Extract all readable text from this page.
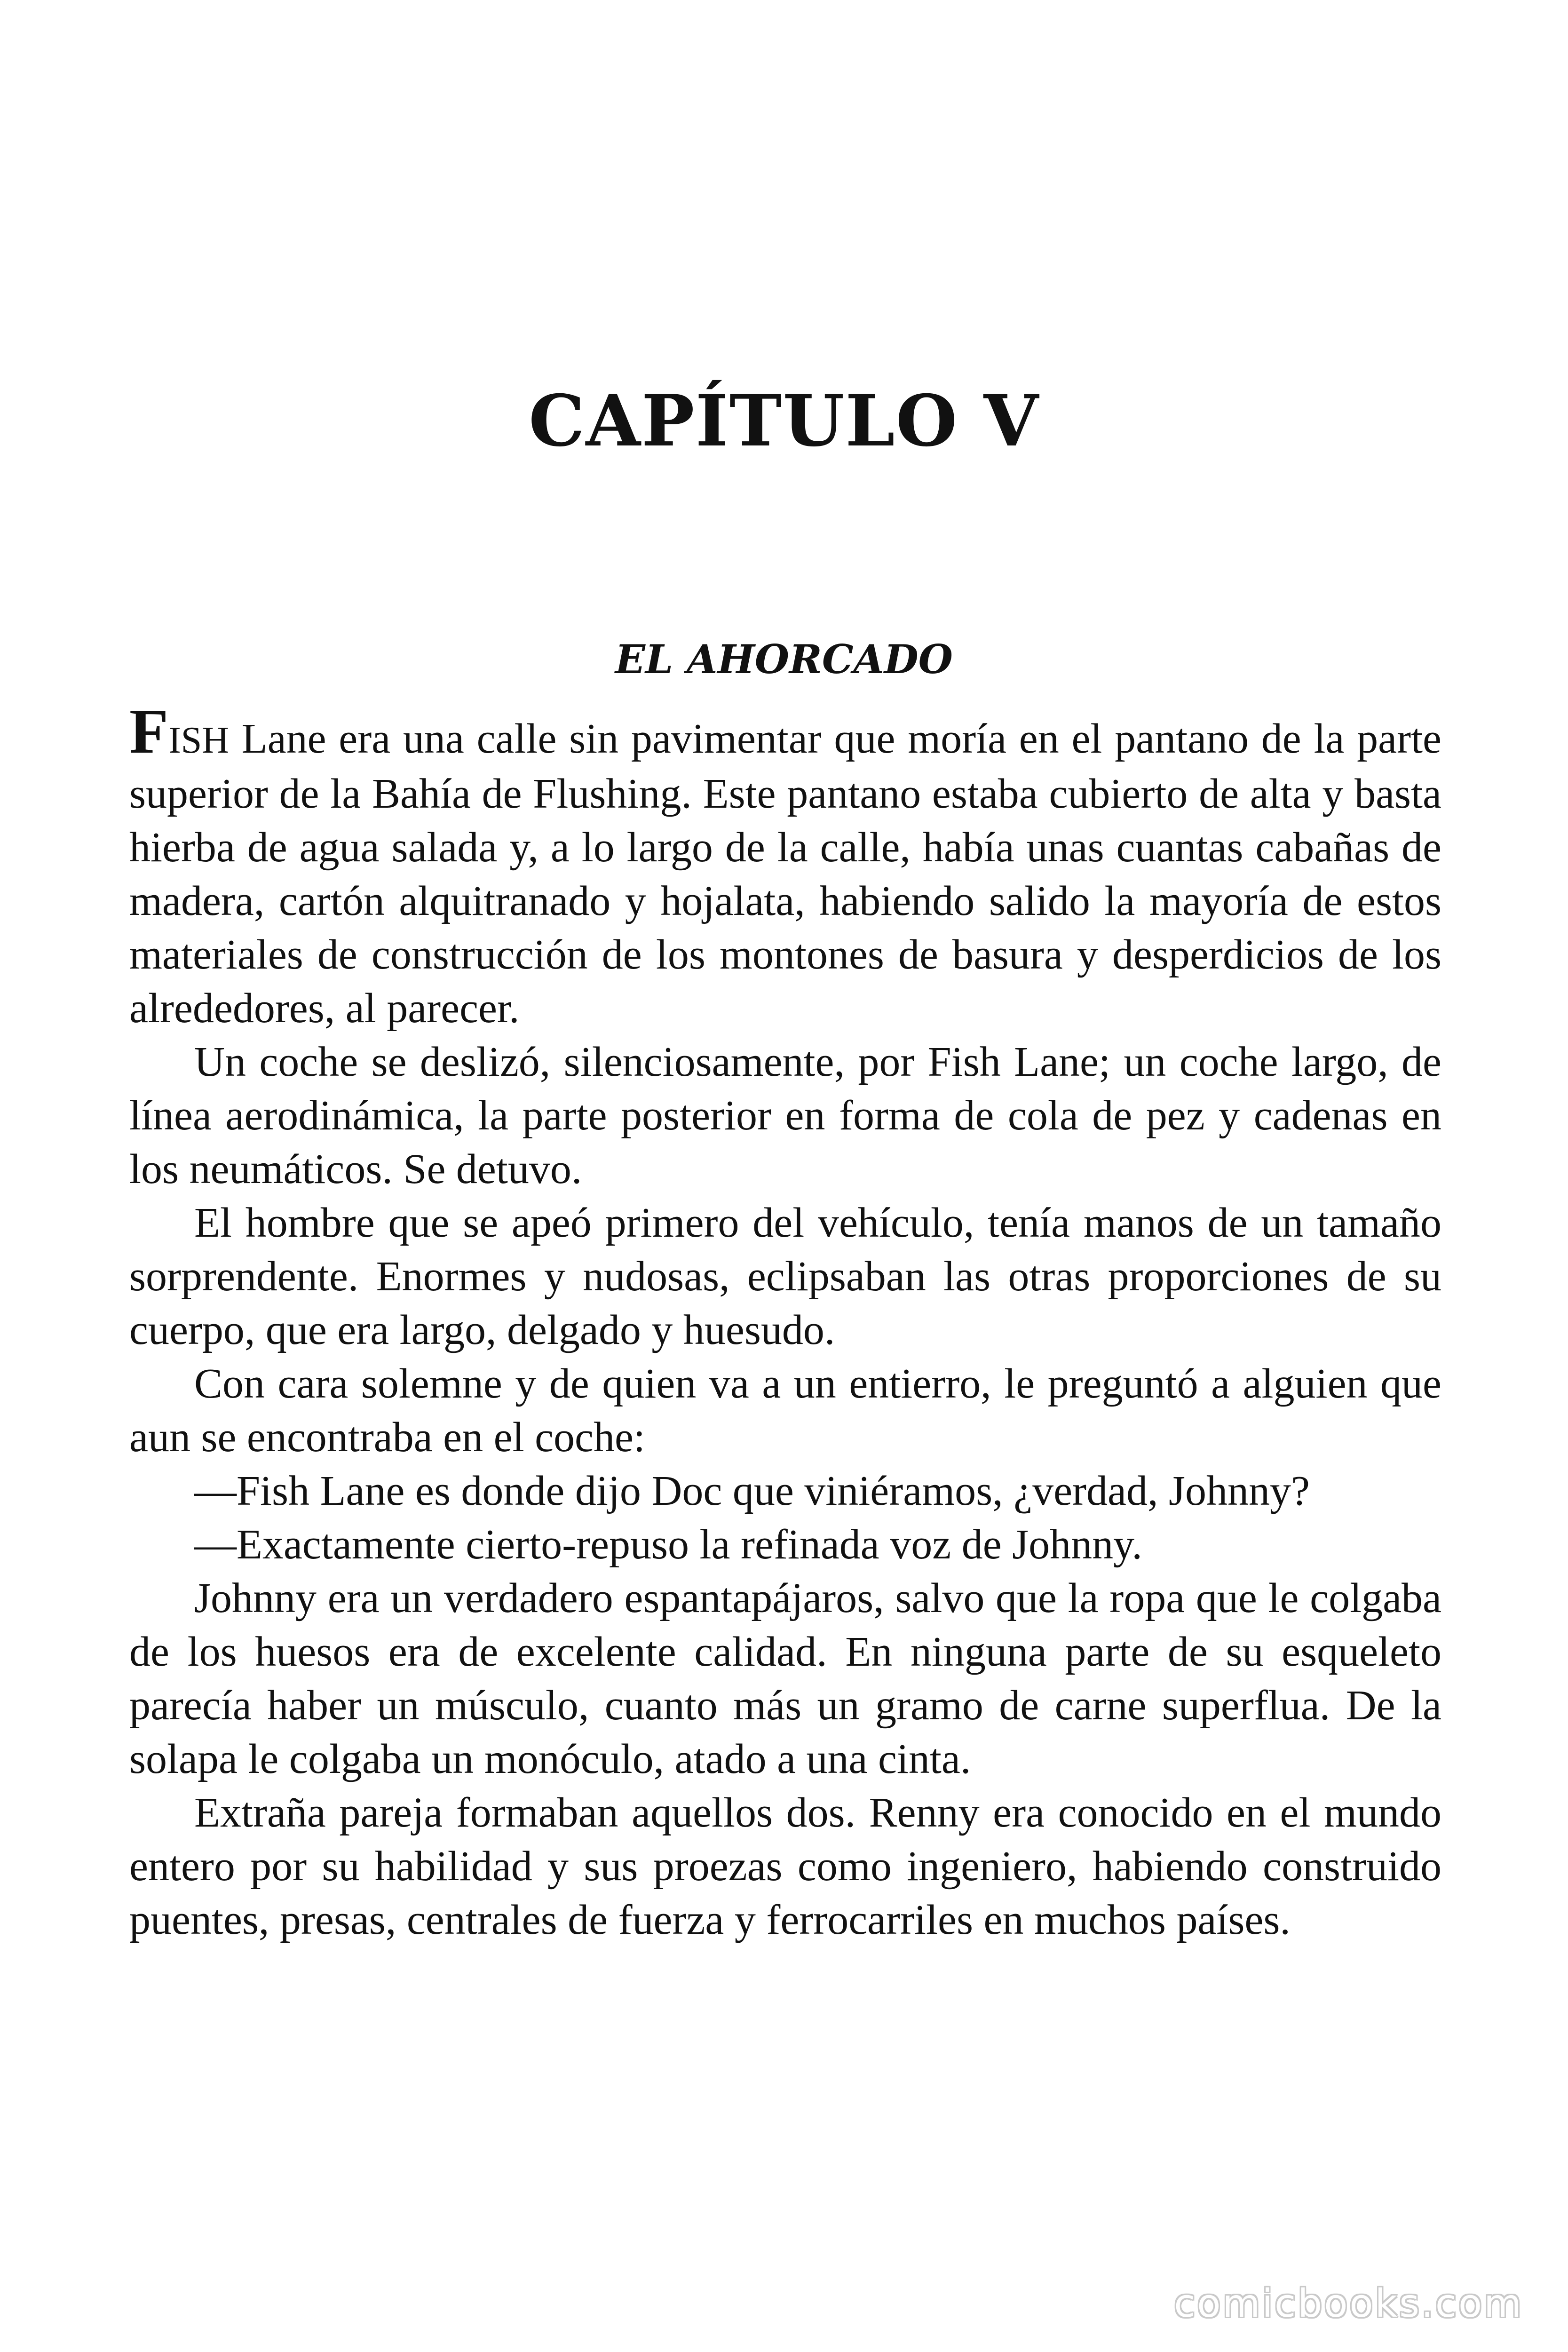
CAPÍTULO V
EL AHORCADO

FISH Lane era una calle sin pavimentar que moría en el pantano de la parte superior de la Bahía de Flushing. Este pantano estaba cubierto de alta y basta hierba de agua salada y, a lo largo de la calle, había unas cuantas cabañas de madera, cartón alquitranado y hojalata, habiendo salido la mayoría de estos materiales de construcción de los montones de basura y desperdicios de los alrededores, al parecer.

Un coche se deslizó, silenciosamente, por Fish Lane; un coche largo, de línea aerodinámica, la parte posterior en forma de cola de pez y cadenas en los neumáticos. Se detuvo.

El hombre que se apeó primero del vehículo, tenía manos de un tamaño sorprendente. Enormes y nudosas, eclipsaban las otras proporciones de su cuerpo, que era largo, delgado y huesudo.

Con cara solemne y de quien va a un entierro, le preguntó a alguien que aun se encontraba en el coche:

—Fish Lane es donde dijo Doc que viniéramos, ¿verdad, Johnny?

—Exactamente cierto-repuso la refinada voz de Johnny.

Johnny era un verdadero espantapájaros, salvo que la ropa que le colgaba de los huesos era de excelente calidad. En ninguna parte de su esqueleto parecía haber un músculo, cuanto más un gramo de carne superflua. De la solapa le colgaba un monóculo, atado a una cinta.

Extraña pareja formaban aquellos dos. Renny era conocido en el mundo entero por su habilidad y sus proezas como ingeniero, habiendo construido puentes, presas, centrales de fuerza y ferrocarriles en muchos países.

comicbooks.com
